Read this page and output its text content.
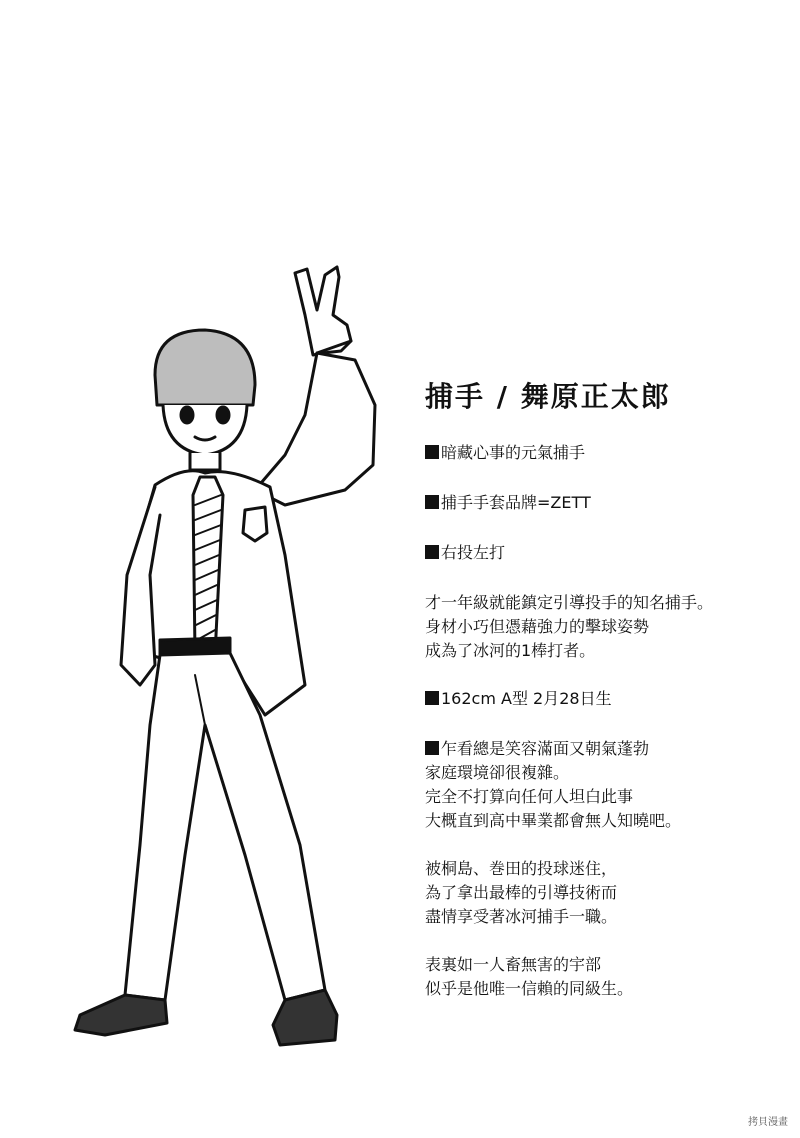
捕手 / 舞原正太郎

暗藏心事的元氣捕手

捕手手套品牌=ZETT

右投左打

才一年級就能鎮定引導投手的知名捕手。

身材小巧但憑藉強力的擊球姿勢

成為了冰河的1棒打者。

162cm A型 2月28日生

乍看總是笑容滿面又朝氣蓬勃

家庭環境卻很複雜。

完全不打算向任何人坦白此事

大概直到高中畢業都會無人知曉吧。

被桐島、巻田的投球迷住，

為了拿出最棒的引導技術而

盡情享受著冰河捕手一職。

表裏如一人畜無害的宇部

似乎是他唯一信賴的同級生。

拷貝漫畫
